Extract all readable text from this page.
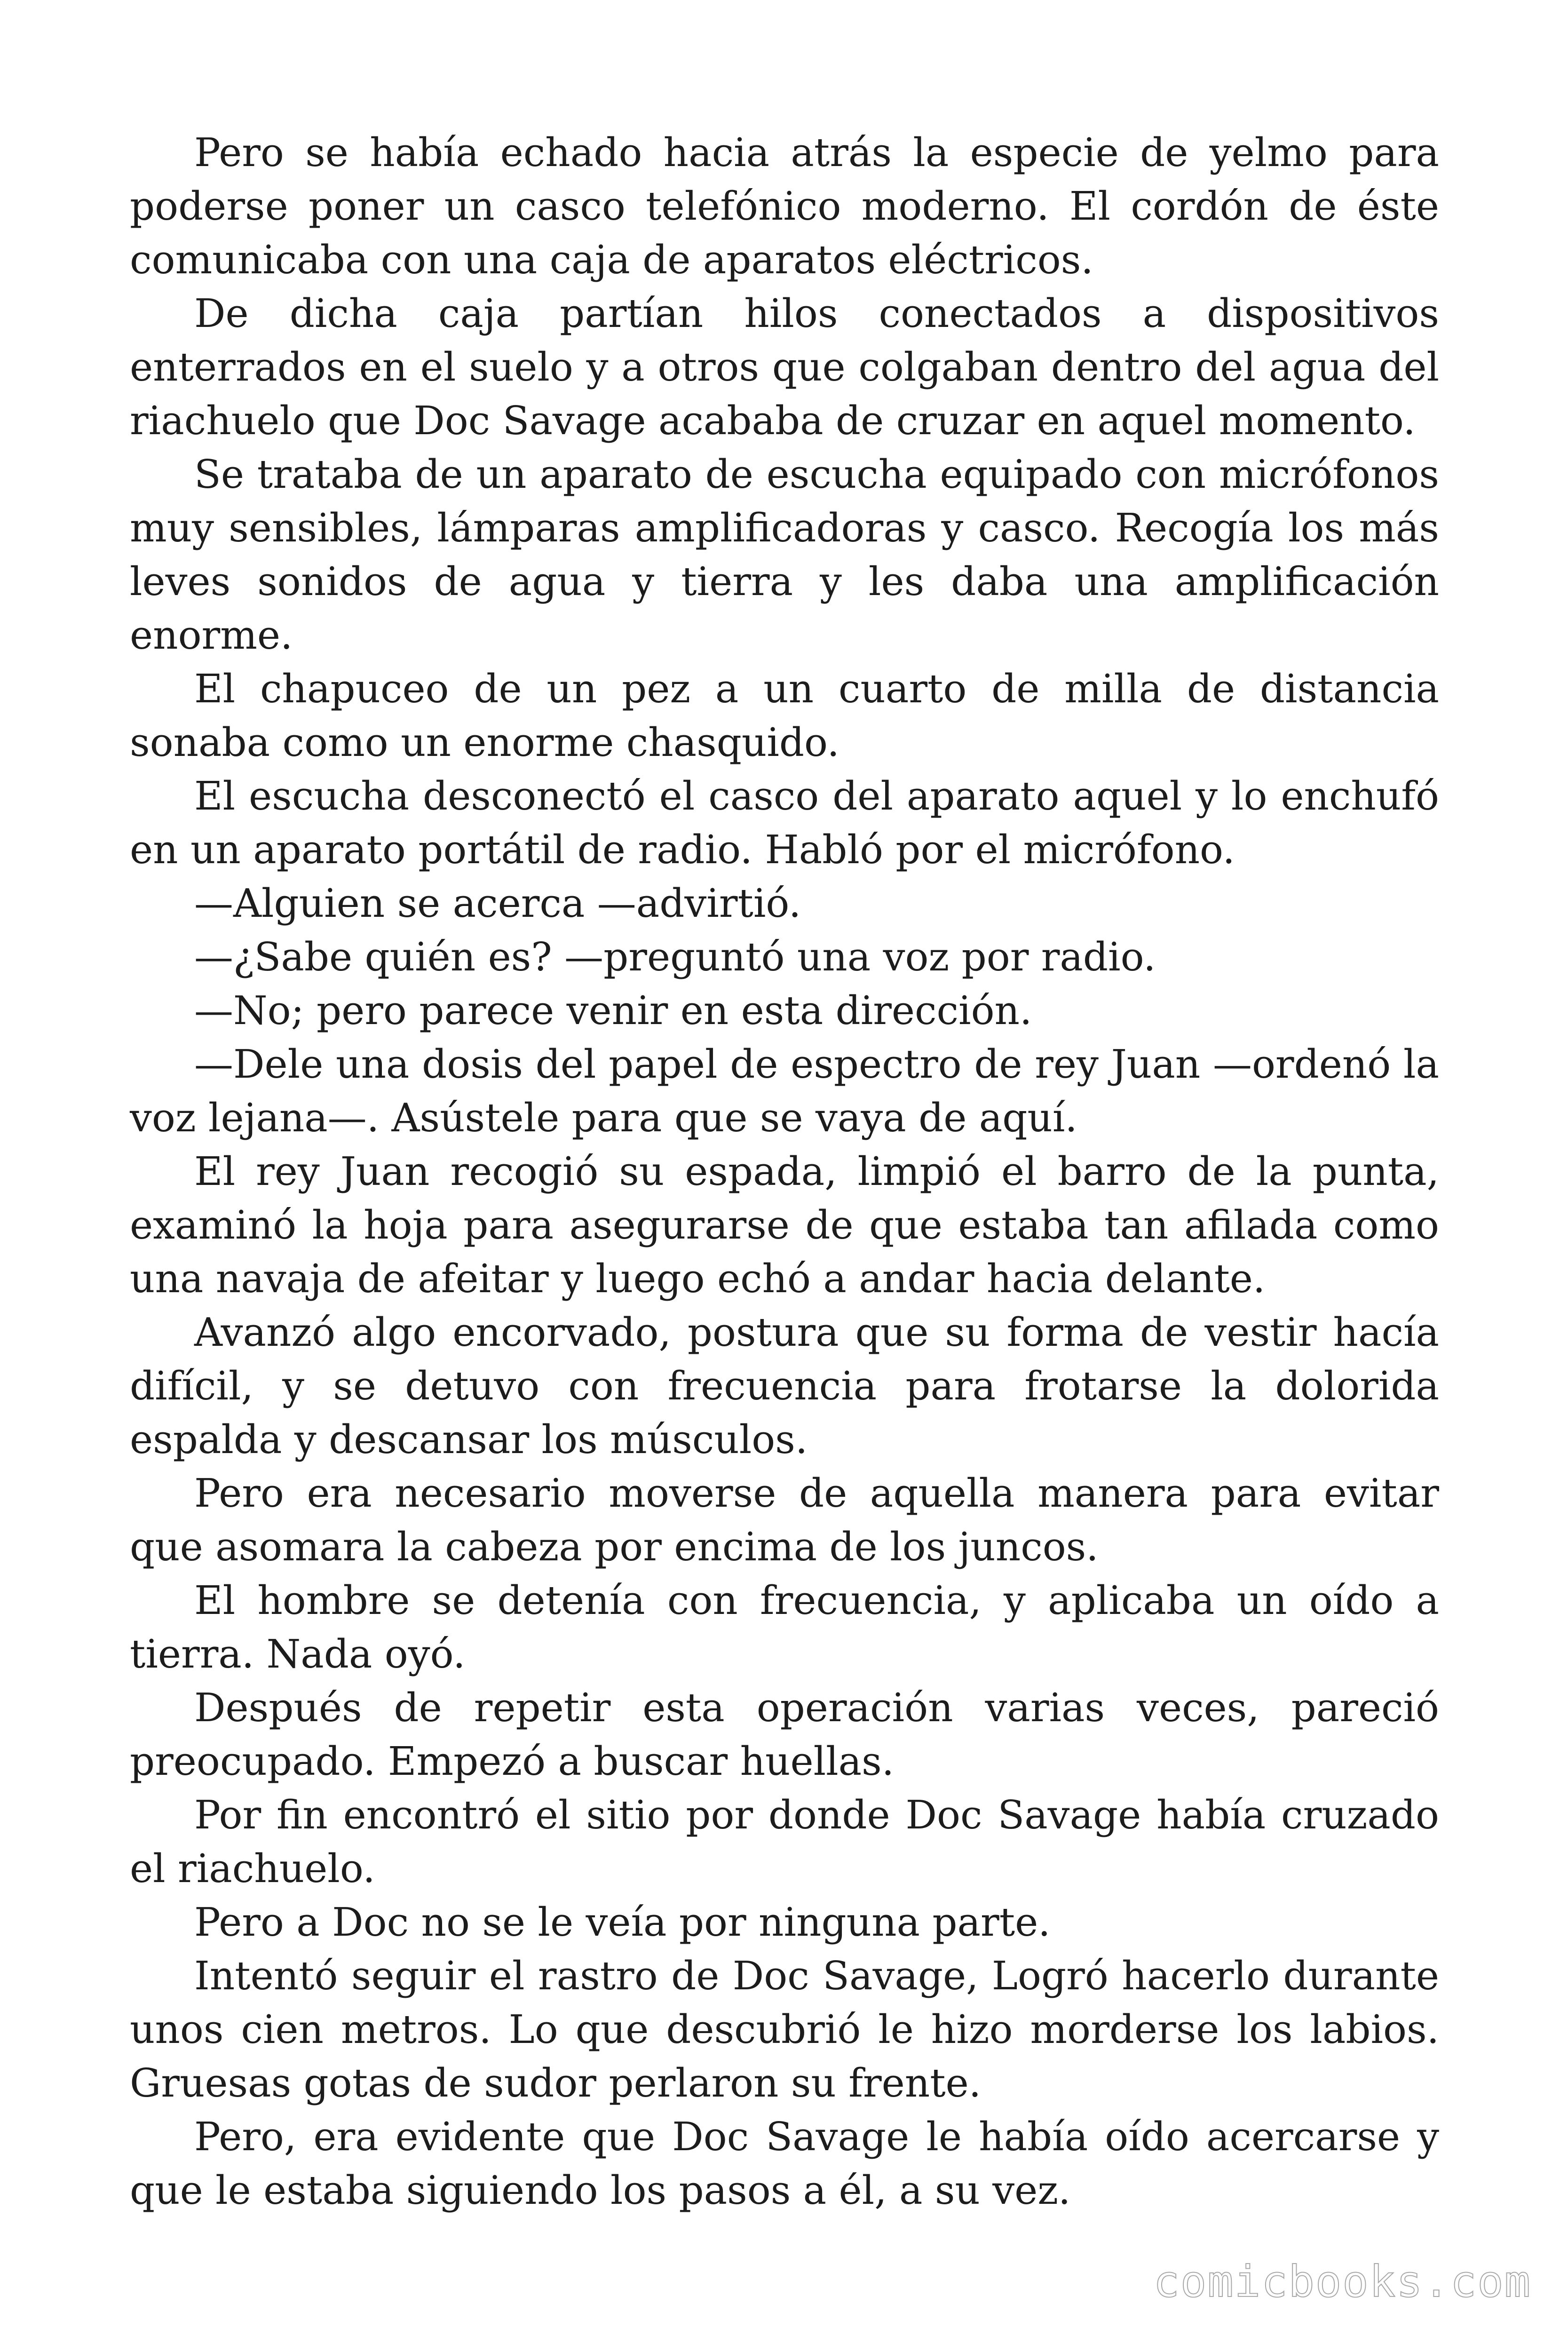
Pero se había echado hacia atrás la especie de yelmo para poderse poner un casco telefónico moderno. El cordón de éste comunicaba con una caja de aparatos eléctricos.

De dicha caja partían hilos conectados a dispositivos enterrados en el suelo y a otros que colgaban dentro del agua del riachuelo que Doc Savage acababa de cruzar en aquel momento.

Se trataba de un aparato de escucha equipado con micrófonos muy sensibles, lámparas amplificadoras y casco. Recogía los más leves sonidos de agua y tierra y les daba una amplificación enorme.

El chapuceo de un pez a un cuarto de milla de distancia sonaba como un enorme chasquido.

El escucha desconectó el casco del aparato aquel y lo enchufó en un aparato portátil de radio. Habló por el micrófono.

—Alguien se acerca —advirtió.

—¿Sabe quién es? —preguntó una voz por radio.

—No; pero parece venir en esta dirección.

—Dele una dosis del papel de espectro de rey Juan —ordenó la voz lejana—. Asústele para que se vaya de aquí.

El rey Juan recogió su espada, limpió el barro de la punta, examinó la hoja para asegurarse de que estaba tan afilada como una navaja de afeitar y luego echó a andar hacia delante.

Avanzó algo encorvado, postura que su forma de vestir hacía difícil, y se detuvo con frecuencia para frotarse la dolorida espalda y descansar los músculos.

Pero era necesario moverse de aquella manera para evitar que asomara la cabeza por encima de los juncos.

El hombre se detenía con frecuencia, y aplicaba un oído a tierra. Nada oyó.

Después de repetir esta operación varias veces, pareció preocupado. Empezó a buscar huellas.

Por fin encontró el sitio por donde Doc Savage había cruzado el riachuelo.

Pero a Doc no se le veía por ninguna parte.

Intentó seguir el rastro de Doc Savage, Logró hacerlo durante unos cien metros. Lo que descubrió le hizo morderse los labios. Gruesas gotas de sudor perlaron su frente.

Pero, era evidente que Doc Savage le había oído acercarse y que le estaba siguiendo los pasos a él, a su vez.

comicbooks.com
